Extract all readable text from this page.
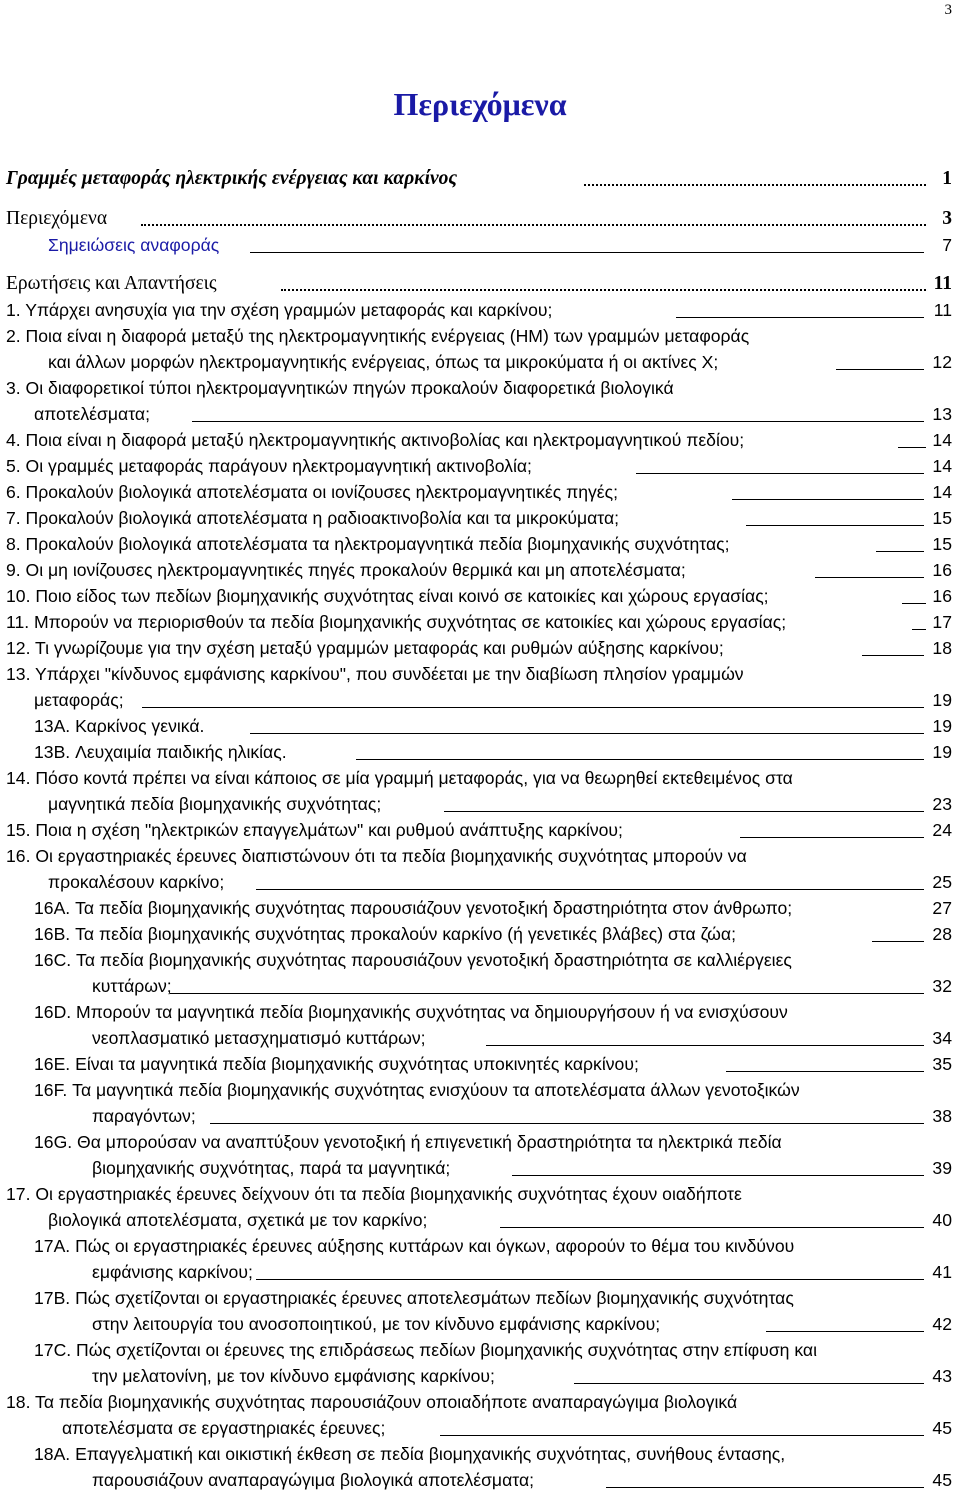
3
Περιεχόμενα
Γραμμές μεταφοράς ηλεκτρικής ενέργειας και καρκίνος	1
Περιεχόμενα	3
Σημειώσεις αναφοράς	7
Ερωτήσεις και Απαντήσεις	11
1. Υπάρχει ανησυχία για την σχέση γραμμών μεταφοράς και καρκίνου;	11
2. Ποια είναι η διαφορά μεταξύ της ηλεκτρομαγνητικής ενέργειας (ΗΜ) των γραμμών μεταφοράς
και άλλων μορφών ηλεκτρομαγνητικής ενέργειας, όπως τα μικροκύματα ή οι ακτίνες Χ;	12
3. Οι διαφορετικοί τύποι ηλεκτρομαγνητικών πηγών προκαλούν διαφορετικά βιολογικά
αποτελέσματα;	13
4. Ποια είναι η διαφορά μεταξύ ηλεκτρομαγνητικής ακτινοβολίας και ηλεκτρομαγνητικού πεδίου;	14
5. Οι γραμμές μεταφοράς παράγουν ηλεκτρομαγνητική ακτινοβολία;	14
6. Προκαλούν βιολογικά αποτελέσματα οι ιονίζουσες ηλεκτρομαγνητικές πηγές;	14
7. Προκαλούν βιολογικά αποτελέσματα η ραδιοακτινοβολία και τα μικροκύματα;	15
8. Προκαλούν βιολογικά αποτελέσματα τα ηλεκτρομαγνητικά πεδία βιομηχανικής συχνότητας;	15
9. Οι μη ιονίζουσες ηλεκτρομαγνητικές πηγές προκαλούν θερμικά και μη αποτελέσματα;	16
10. Ποιο είδος των πεδίων βιομηχανικής συχνότητας είναι κοινό σε κατοικίες και χώρους εργασίας;	16
11. Μπορούν να περιορισθούν τα πεδία βιομηχανικής συχνότητας σε κατοικίες και χώρους εργασίας;	17
12. Τι γνωρίζουμε για την σχέση μεταξύ γραμμών μεταφοράς και ρυθμών αύξησης καρκίνου;	18
13. Υπάρχει "κίνδυνος εμφάνισης καρκίνου", που συνδέεται με την διαβίωση πλησίον γραμμών
μεταφοράς;	19
13A. Καρκίνος γενικά.	19
13B. Λευχαιμία παιδικής ηλικίας.	19
14. Πόσο κοντά πρέπει να είναι κάποιος σε μία γραμμή μεταφοράς, για να θεωρηθεί εκτεθειμένος στα
μαγνητικά πεδία βιομηχανικής συχνότητας;	23
15. Ποια η σχέση "ηλεκτρικών επαγγελμάτων" και ρυθμού ανάπτυξης καρκίνου;	24
16. Οι εργαστηριακές έρευνες διαπιστώνουν ότι τα πεδία βιομηχανικής συχνότητας μπορούν να
προκαλέσουν καρκίνο;	25
16A. Τα πεδία βιομηχανικής συχνότητας παρουσιάζουν γενοτοξική δραστηριότητα στον άνθρωπο;	27
16B. Τα πεδία βιομηχανικής συχνότητας προκαλούν καρκίνο (ή γενετικές βλάβες) στα ζώα;	28
16C. Τα πεδία βιομηχανικής συχνότητας παρουσιάζουν γενοτοξική δραστηριότητα σε καλλιέργειες
κυττάρων;	32
16D. Μπορούν τα μαγνητικά πεδία βιομηχανικής συχνότητας να δημιουργήσουν ή να ενισχύσουν
νεοπλασματικό μετασχηματισμό κυττάρων;	34
16E. Είναι τα μαγνητικά πεδία βιομηχανικής συχνότητας υποκινητές καρκίνου;	35
16F. Τα μαγνητικά πεδία βιομηχανικής συχνότητας ενισχύουν τα αποτελέσματα άλλων γενοτοξικών
παραγόντων;	38
16G. Θα μπορούσαν να αναπτύξουν γενοτοξική ή επιγενετική δραστηριότητα τα ηλεκτρικά πεδία
βιομηχανικής συχνότητας, παρά τα μαγνητικά;	39
17. Οι εργαστηριακές έρευνες δείχνουν ότι τα πεδία βιομηχανικής συχνότητας έχουν οιαδήποτε
βιολογικά αποτελέσματα, σχετικά με τον καρκίνο;	40
17A. Πώς οι εργαστηριακές έρευνες αύξησης κυττάρων και όγκων, αφορούν το θέμα του κινδύνου
εμφάνισης καρκίνου;	41
17B. Πώς σχετίζονται οι εργαστηριακές έρευνες αποτελεσμάτων πεδίων βιομηχανικής συχνότητας
στην λειτουργία του ανοσοποιητικού, με τον κίνδυνο εμφάνισης καρκίνου;	42
17C. Πώς σχετίζονται οι έρευνες της επιδράσεως πεδίων βιομηχανικής συχνότητας στην επίφυση και
την μελατονίνη, με τον κίνδυνο εμφάνισης καρκίνου;	43
18. Τα πεδία βιομηχανικής συχνότητας παρουσιάζουν οποιαδήποτε αναπαραγώγιμα βιολογικά
αποτελέσματα σε εργαστηριακές έρευνες;	45
18A. Επαγγελματική και οικιστική έκθεση σε πεδία βιομηχανικής συχνότητας, συνήθους έντασης,
παρουσιάζουν αναπαραγώγιμα βιολογικά αποτελέσματα;	45
